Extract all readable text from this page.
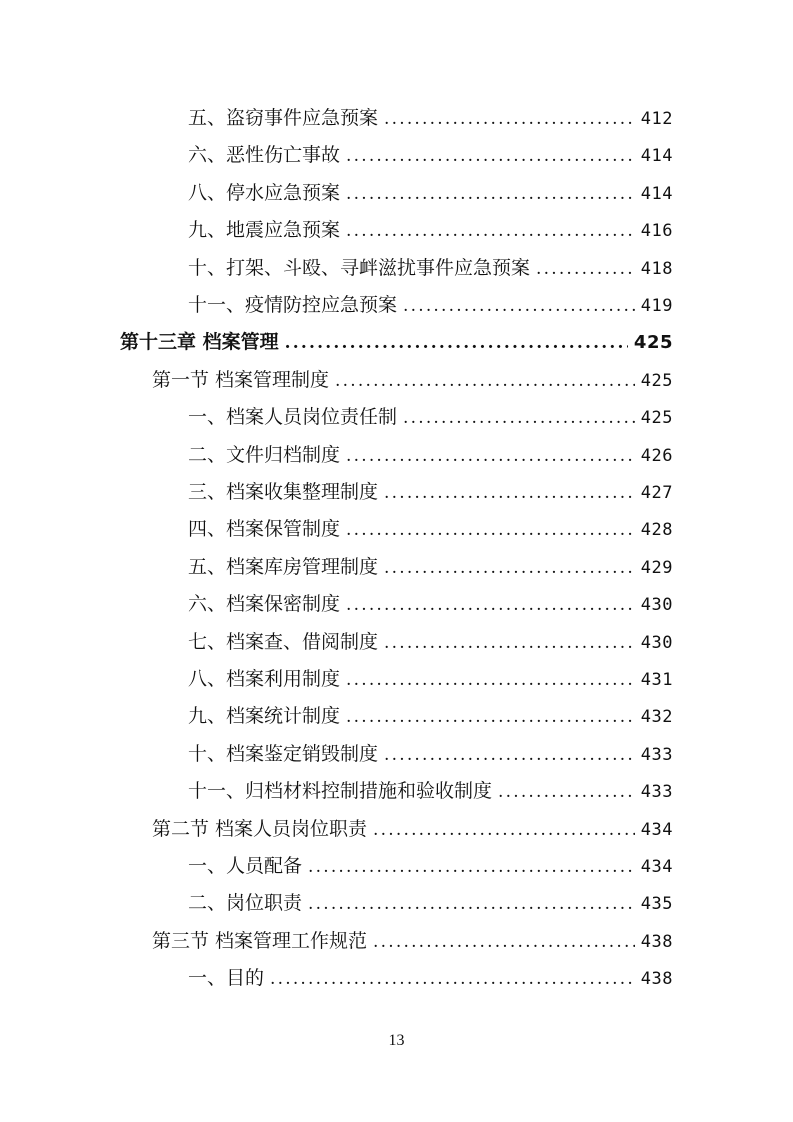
五、盗窃事件应急预案 .....	412
六、恶性伤亡事故 .....	414
八、停水应急预案 .....	414
九、地震应急预案 .....	416
十、打架、斗殴、寻衅滋扰事件应急预案 .....	418
十一、疫情防控应急预案 .....	419
第十三章 档案管理 .....	425
第一节 档案管理制度 .....	425
一、档案人员岗位责任制 .....	425
二、文件归档制度 .....	426
三、档案收集整理制度 .....	427
四、档案保管制度 .....	428
五、档案库房管理制度 .....	429
六、档案保密制度 .....	430
七、档案查、借阅制度 .....	430
八、档案利用制度 .....	431
九、档案统计制度 .....	432
十、档案鉴定销毁制度 .....	433
十一、归档材料控制措施和验收制度 .....	433
第二节 档案人员岗位职责 .....	434
一、人员配备 .....	434
二、岗位职责 .....	435
第三节 档案管理工作规范 .....	438
一、目的 .....	438
13
